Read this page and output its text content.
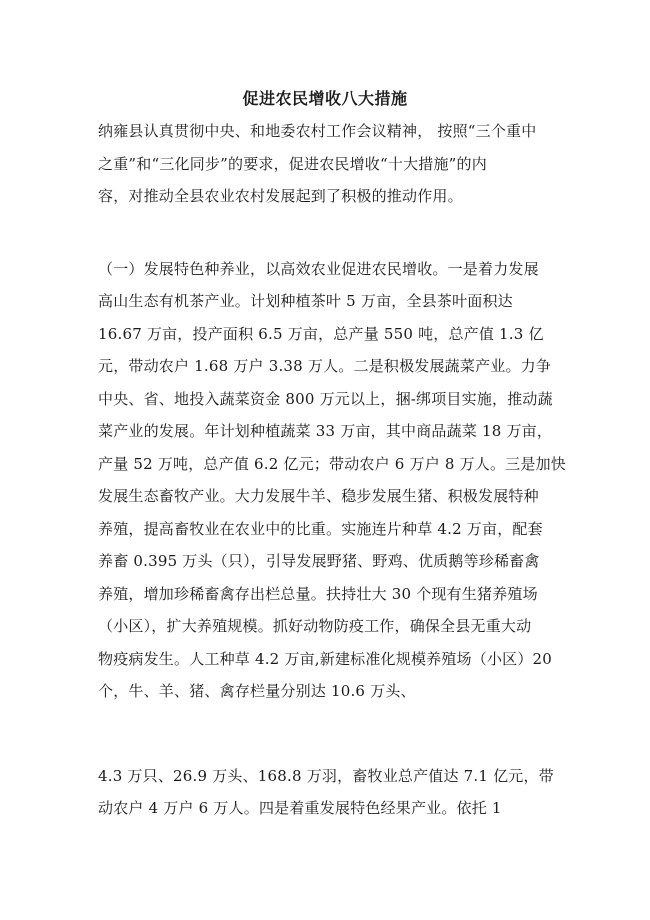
促进农民增收八大措施
纳雍县认真贯彻中央、和地委农村工作会议精神， 按照“三个重中
之重”和“三化同步”的要求，促进农民增收“十大措施”的内
容，对推动全县农业农村发展起到了积极的推动作用。
（一）发展特色种养业，以高效农业促进农民增收。一是着力发展
高山生态有机茶产业。计划种植茶叶 5 万亩，全县茶叶面积达
16.67 万亩，投产面积 6.5 万亩，总产量 550 吨，总产值 1.3 亿
元，带动农户 1.68 万户 3.38 万人。二是积极发展蔬菜产业。力争
中央、省、地投入蔬菜资金 800 万元以上，捆-绑项目实施，推动蔬
菜产业的发展。年计划种植蔬菜 33 万亩，其中商品蔬菜 18 万亩，
产量 52 万吨，总产值 6.2 亿元；带动农户 6 万户 8 万人。三是加快
发展生态畜牧产业。大力发展牛羊、稳步发展生猪、积极发展特种
养殖，提高畜牧业在农业中的比重。实施连片种草 4.2 万亩，配套
养畜 0.395 万头（只），引导发展野猪、野鸡、优质鹅等珍稀畜禽
养殖，增加珍稀畜禽存出栏总量。扶持壮大 30 个现有生猪养殖场
（小区），扩大养殖规模。抓好动物防疫工作，确保全县无重大动
物疫病发生。人工种草 4.2 万亩,新建标准化规模养殖场（小区）20
个，牛、羊、猪、禽存栏量分别达 10.6 万头、
4.3 万只、26.9 万头、168.8 万羽，畜牧业总产值达 7.1 亿元，带
动农户 4 万户 6 万人。四是着重发展特色经果产业。依托 1
